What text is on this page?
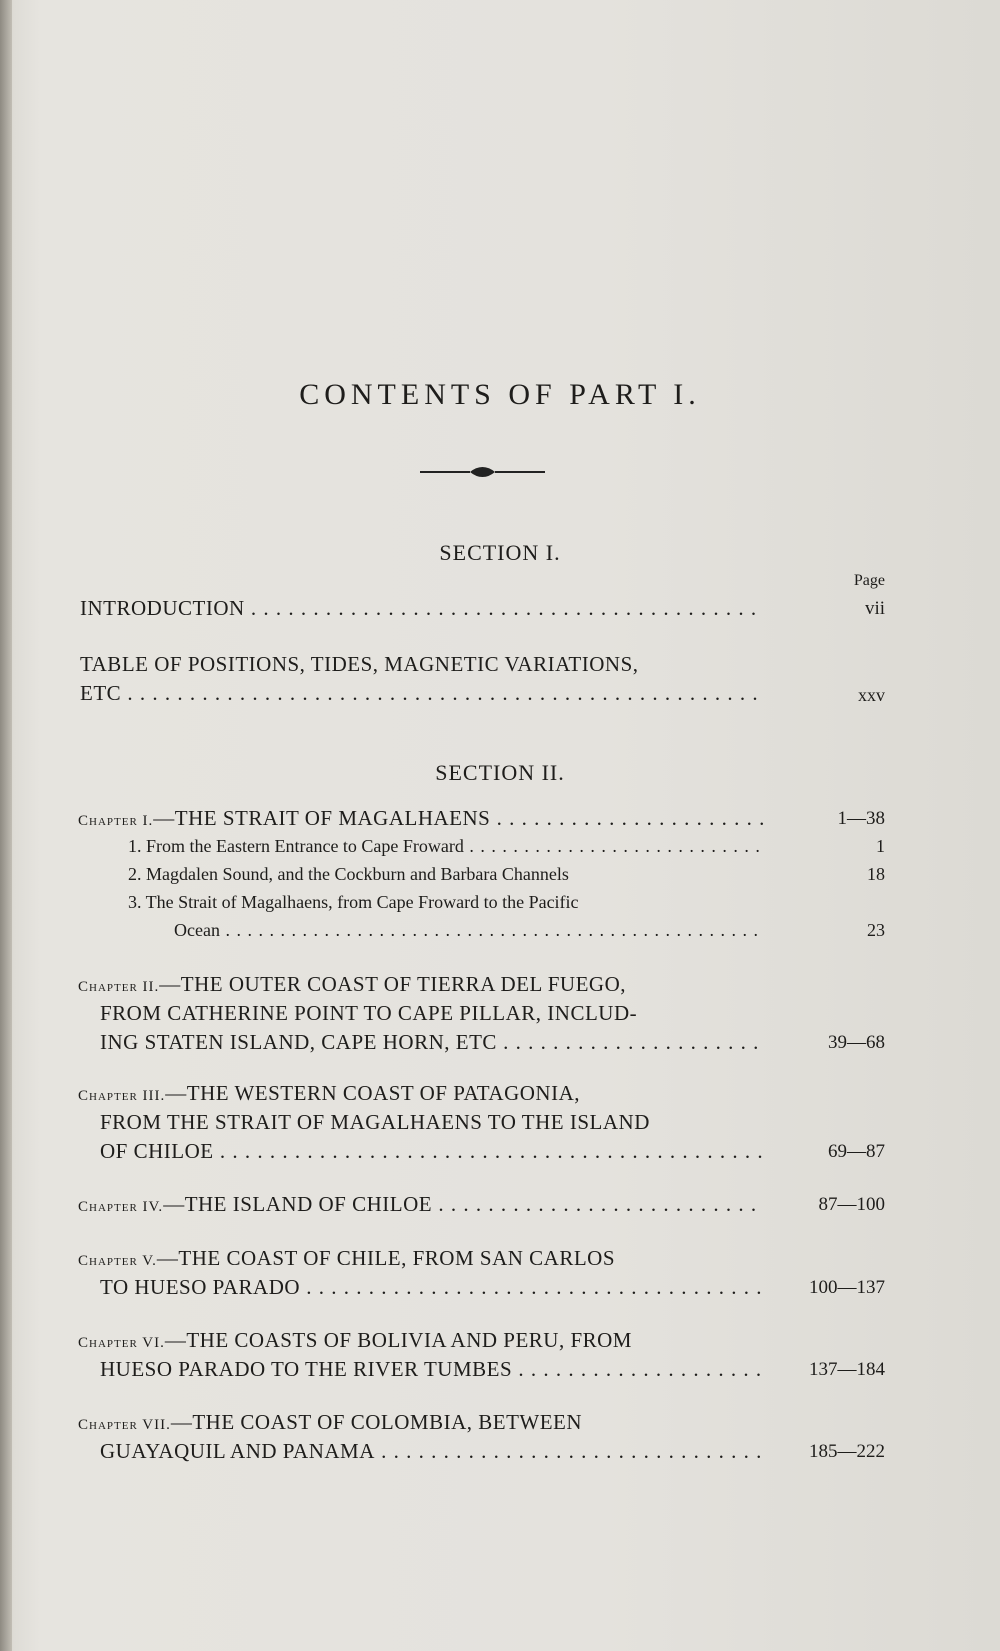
CONTENTS OF PART I.
SECTION I.
Page
INTRODUCTION . . .	vii
TABLE OF POSITIONS, TIDES, MAGNETIC VARIATIONS,
ETC . . .	xxv
SECTION II.
Chapter I.—THE STRAIT OF MAGALHAENS . . .	1—38
1. From the Eastern Entrance to Cape Froward . . .	1
2. Magdalen Sound, and the Cockburn and Barbara Channels	18
3. The Strait of Magalhaens, from Cape Froward to the Pacific
Ocean . . .	23
Chapter II.—THE OUTER COAST OF TIERRA DEL FUEGO,
FROM CATHERINE POINT TO CAPE PILLAR, INCLUD-
ING STATEN ISLAND, CAPE HORN, ETC . . .	39—68
Chapter III.—THE WESTERN COAST OF PATAGONIA,
FROM THE STRAIT OF MAGALHAENS TO THE ISLAND
OF CHILOE . . .	69—87
Chapter IV.—THE ISLAND OF CHILOE . . .	87—100
Chapter V.—THE COAST OF CHILE, FROM SAN CARLOS
TO HUESO PARADO . . .	100—137
Chapter VI.—THE COASTS OF BOLIVIA AND PERU, FROM
HUESO PARADO TO THE RIVER TUMBES . . .	137—184
Chapter VII.—THE COAST OF COLOMBIA, BETWEEN
GUAYAQUIL AND PANAMA . . .	185—222
